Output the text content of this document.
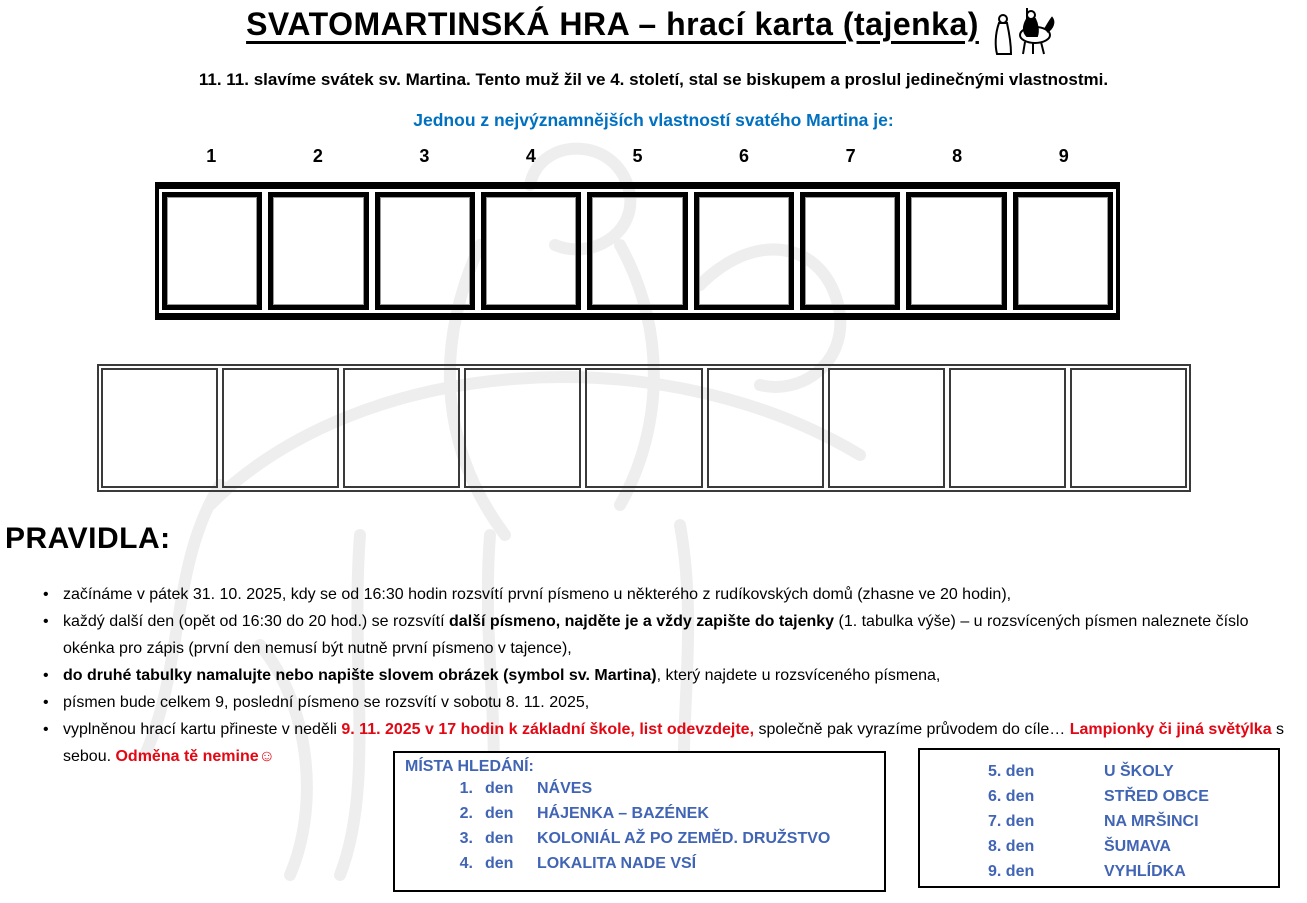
SVATOMARTINSKÁ HRA – hrací karta (tajenka)
11. 11. slavíme svátek sv. Martina. Tento muž žil ve 4. století, stal se biskupem a proslul jedinečnými vlastnostmi.
Jednou z nejvýznamnějších vlastností svatého Martina je:
1	2	3	4	5	6	7	8	9
PRAVIDLA:
• začínáme v pátek 31. 10. 2025, kdy se od 16:30 hodin rozsvítí první písmeno u některého z rudíkovských domů (zhasne ve 20 hodin),
• každý další den (opět od 16:30 do 20 hod.) se rozsvítí další písmeno, najděte je a vždy zapište do tajenky (1. tabulka výše) – u rozsvícených písmen naleznete číslo okénka pro zápis (první den nemusí být nutně první písmeno v tajence),
• do druhé tabulky namalujte nebo napište slovem obrázek (symbol sv. Martina), který najdete u rozsvíceného písmena,
• písmen bude celkem 9, poslední písmeno se rozsvítí v sobotu 8. 11. 2025,
• vyplněnou hrací kartu přineste v neděli 9. 11. 2025 v 17 hodin k základní škole, list odevzdejte, společně pak vyrazíme průvodem do cíle… Lampionky či jiná světýlka s sebou. Odměna tě nemine☺
MÍSTA HLEDÁNÍ:
1. den	NÁVES
2. den	HÁJENKA – BAZÉNEK
3. den	KOLONIÁL AŽ PO ZEMĚD. DRUŽSTVO
4. den	LOKALITA NADE VSÍ
5. den	U ŠKOLY
6. den	STŘED OBCE
7. den	NA MRŠINCI
8. den	ŠUMAVA
9. den	VYHLÍDKA
